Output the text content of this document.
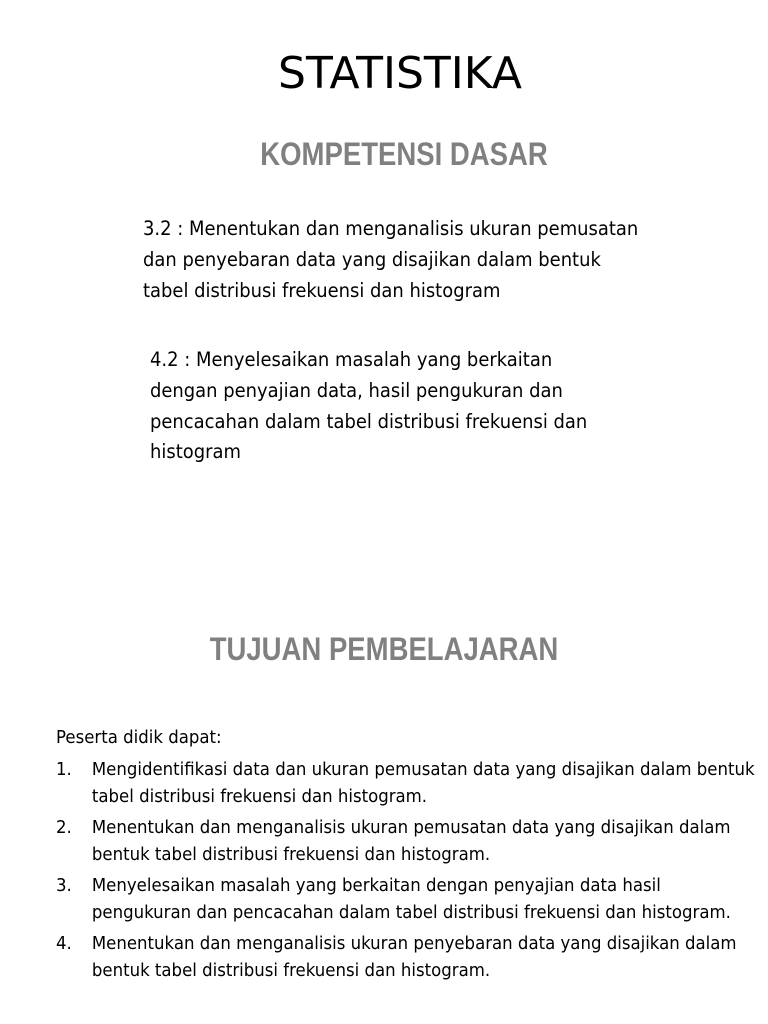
STATISTIKA
KOMPETENSI DASAR

3.2 : Menentukan dan menganalisis ukuran pemusatan dan penyebaran data yang disajikan dalam bentuk tabel distribusi frekuensi dan histogram

4.2 : Menyelesaikan masalah yang berkaitan dengan penyajian data, hasil pengukuran dan pencacahan dalam tabel distribusi frekuensi dan histogram

TUJUAN PEMBELAJARAN

Peserta didik dapat:

1. Mengidentifikasi data dan ukuran pemusatan data yang disajikan dalam bentuk tabel distribusi frekuensi dan histogram.
2. Menentukan dan menganalisis ukuran pemusatan data yang disajikan dalam bentuk tabel distribusi frekuensi dan histogram.
3. Menyelesaikan masalah yang berkaitan dengan penyajian data hasil pengukuran dan pencacahan dalam tabel distribusi frekuensi dan histogram.
4. Menentukan dan menganalisis ukuran penyebaran data yang disajikan dalam bentuk tabel distribusi frekuensi dan histogram.
